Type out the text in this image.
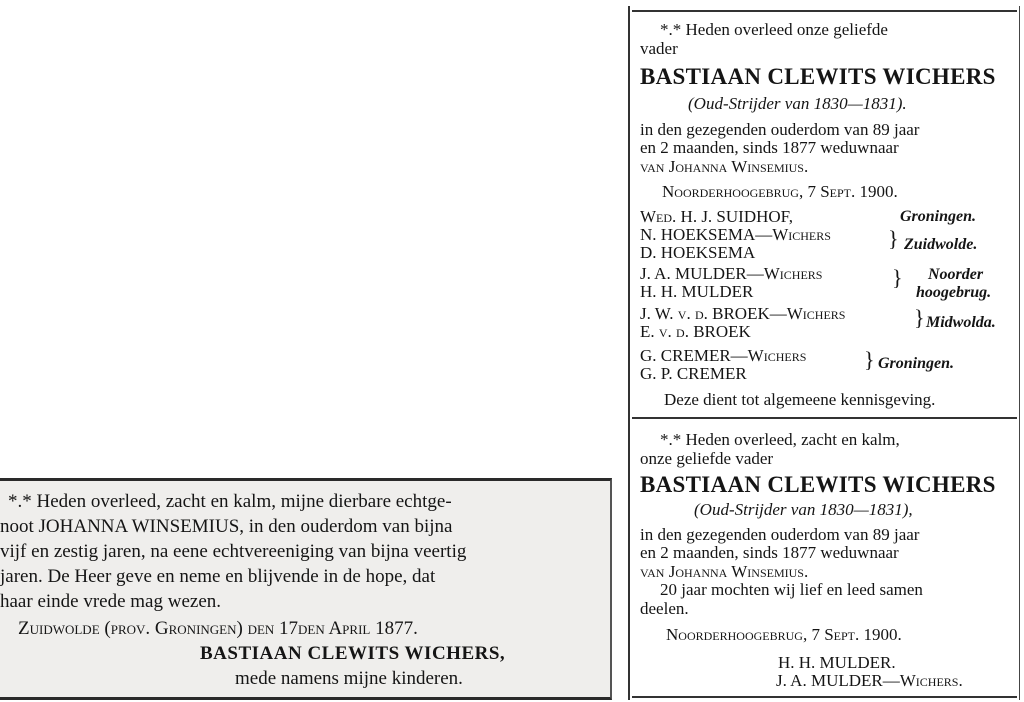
*.* Heden overleed, zacht en kalm, mijne dierbare echtge-
noot JOHANNA WINSEMIUS, in den ouderdom van bijna
vijf en zestig jaren, na eene echtvereeniging van bijna veertig
jaren. De Heer geve en neme en blijvende in de hope, dat
haar einde vrede mag wezen.
Zuidwolde (prov. Groningen) den 17den April 1877.
BASTIAAN CLEWITS WICHERS,
mede namens mijne kinderen.
*.* Heden overleed onze geliefde
vader
BASTIAAN CLEWITS WICHERS
(Oud-Strijder van 1830—1831).
in den gezegenden ouderdom van 89 jaar
en 2 maanden, sinds 1877 weduwnaar
van Johanna Winsemius.
Noorderhoogebrug, 7 Sept. 1900.
Wed. H. J. SUIDHOF,
N. HOEKSEMA—Wichers
D. HOEKSEMA
J. A. MULDER—Wichers
H. H. MULDER
J. W. v. d. BROEK—Wichers
E. v. d. BROEK
G. CREMER—Wichers
G. P. CREMER
}
}
}
}
Groningen.
Zuidwolde.
Noorder
hoogebrug.
Midwolda.
Groningen.
Deze dient tot algemeene kennisgeving.
*.* Heden overleed, zacht en kalm,
onze geliefde vader
BASTIAAN CLEWITS WICHERS
(Oud-Strijder van 1830—1831),
in den gezegenden ouderdom van 89 jaar
en 2 maanden, sinds 1877 weduwnaar
van Johanna Winsemius.
20 jaar mochten wij lief en leed samen
deelen.
Noorderhoogebrug, 7 Sept. 1900.
H. H. MULDER.
J. A. MULDER—Wichers.
